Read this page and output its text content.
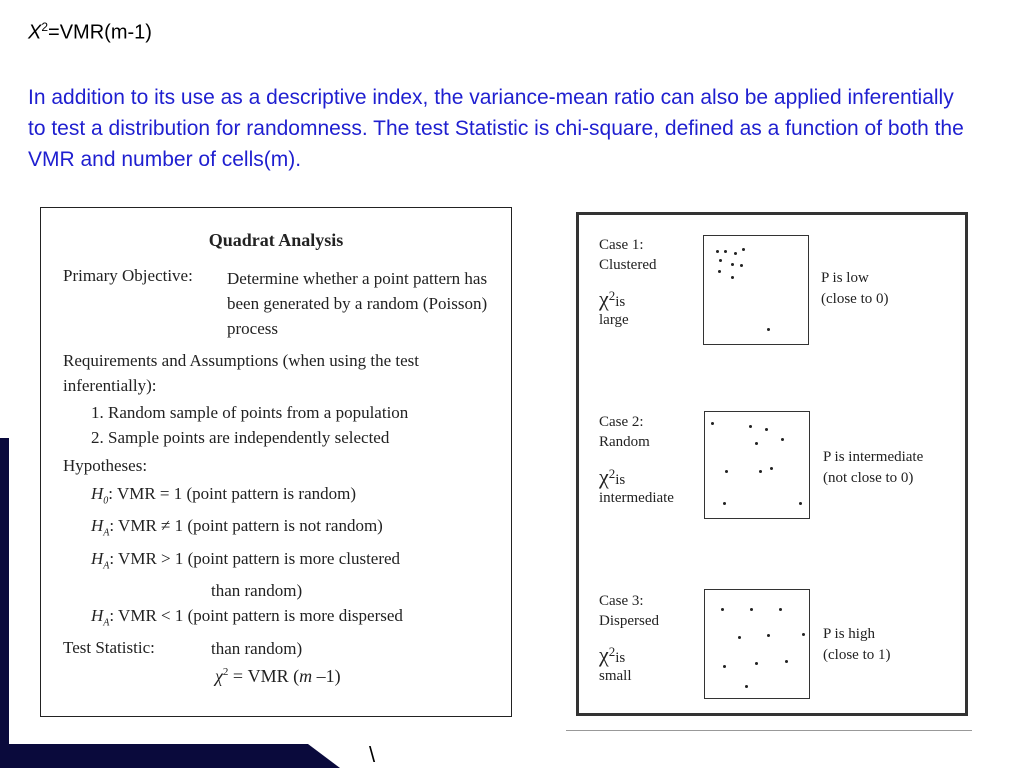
$X^2=VMR(m-1)$

In addition to its use as a descriptive index, the variance-mean ratio can also be applied inferentially to test a distribution for randomness. The test Statistic is chi-square, defined as a function of both the VMR and number of cells(m).

Quadrat Analysis
Primary Objective: Determine whether a point pattern has been generated by a random (Poisson) process
Requirements and Assumptions (when using the test inferentially):
1. Random sample of points from a population
2. Sample points are independently selected
Hypotheses:
$H_0$: VMR = 1 (point pattern is random)
$H_A$: VMR ≠ 1 (point pattern is not random)
$H_A$: VMR > 1 (point pattern is more clustered
than random)
$H_A$: VMR < 1 (point pattern is more dispersed
than random)
Test Statistic:
$\chi^2$ = VMR (m –1)
Case 1:
Clustered
$\chi^2is$
large
P is low
(close to 0)
Case 2:
Random
$\chi^2is$
intermediate
P is intermediate
(not close to 0)
Case 3:
Dispersed
$\chi^2is$
small
P is high
(close to 1)
\
